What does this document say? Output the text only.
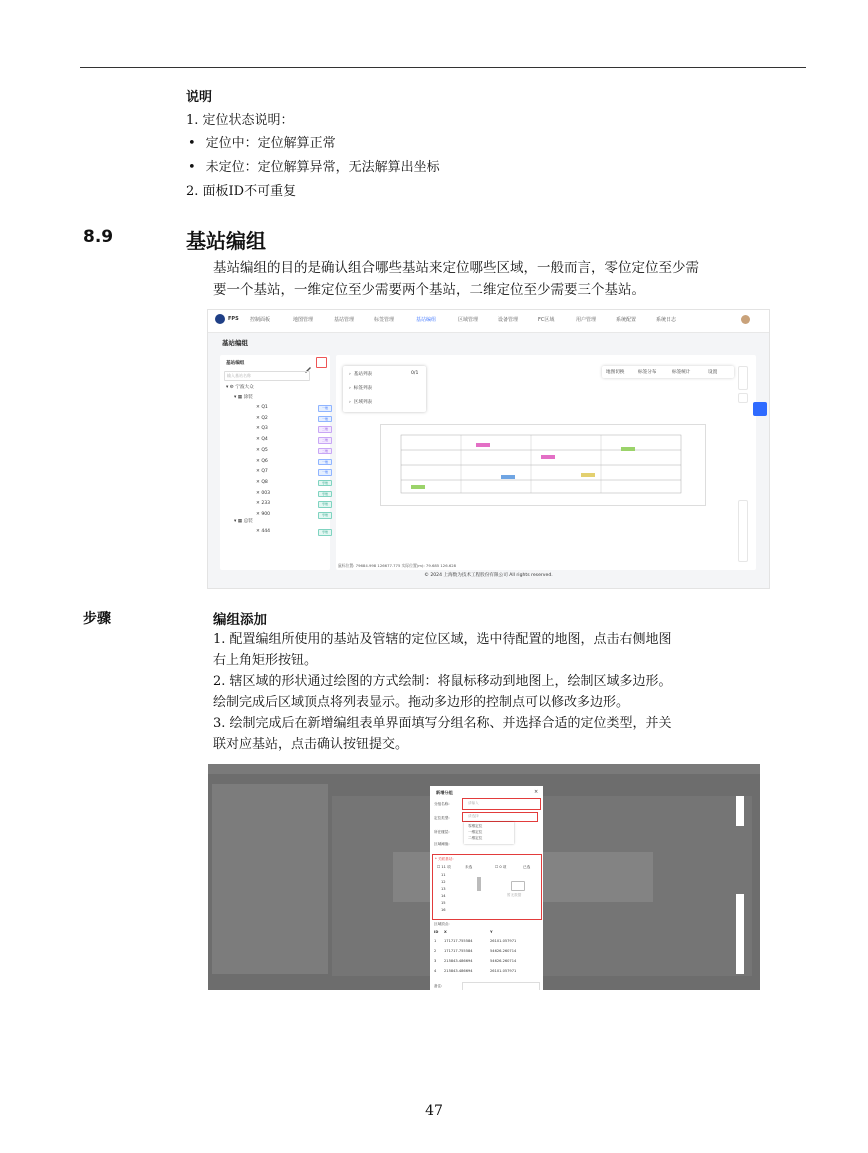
说明
1. 定位状态说明：
• 定位中：定位解算正常
• 未定位：定位解算异常，无法解算出坐标
2. 面板ID不可重复
8.9	基站编组
基站编组的目的是确认组合哪些基站来定位哪些区域，一般而言，零位定位至少需
要一个基站，一维定位至少需要两个基站，二维定位至少需要三个基站。
FPS 控制面板	地图管理	基站管理	标签管理	基站编组	区域管理	设备管理	FC区域	用户管理	系统配置	系统日志
基站编组
基站编组
输入基站名称
▾ ⚙ 宁波大众
▾ ▦ 涂装
▾ ▦ 总装
✕ 444	零维
✕ Q1	一维
✕ Q2	一维
✕ Q3	二维
✕ Q4	二维
✕ Q5	二维
✕ Q6	一维
✕ Q7	一维
✕ Q8	零维
✕ 003	零维
✕ 233	零维
✕ 900	零维
›  基站列表	0/1
›  标签列表
›  区域列表
地图切换	标签分布	标签统计	设置
鼠标位置: 79684.998 126677.775 实际位置(m): 79.685 126.628
© 2024 上海数为技术工程股份有限公司 All rights reserved.
步骤	编组添加
1. 配置编组所使用的基站及管辖的定位区域，选中待配置的地图，点击右侧地图
右上角矩形按钮。
2. 辖区域的形状通过绘图的方式绘制：将鼠标移动到地图上，绘制区域多边形。
绘制完成后区域顶点将列表显示。拖动多边形的控制点可以修改多边形。
3. 绘制完成后在新增编组表单界面填写分组名称、并选择合适的定位类型，并关
联对应基站，点击确认按钮提交。
新增分组	×
分组名称:	请输入
定位类型:	请选择
零维定位
一维定位
二维定位
所在楼层:
区域阈值:
* 关联基站:
☐ 11 项	未选	☐ 0 项	已选
暂无数据
11
12
13
14
15
16
区域顶点:
ID X	Y
备注:
1 171717.755584	26101.057971
2 171717.755584	54626.260714
3 215843.486694	54626.260714
4 215843.486694	26101.057971
47
